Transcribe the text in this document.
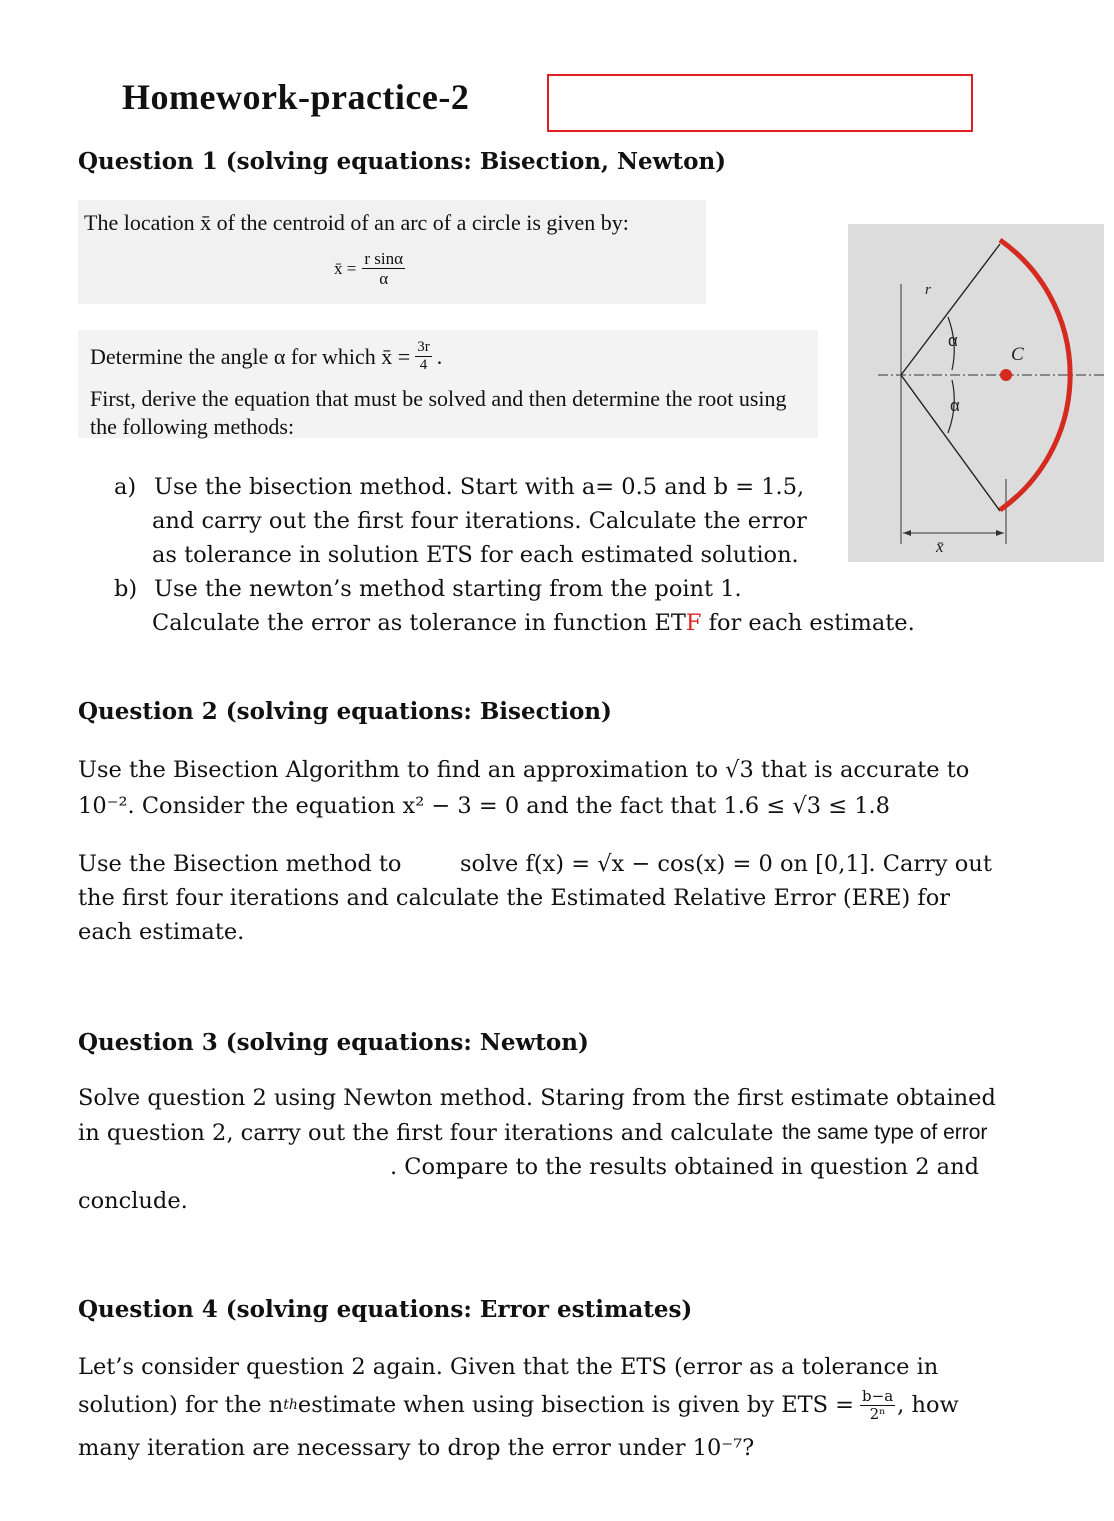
Homework-practice-2
Question 1 (solving equations: Bisection, Newton)
The location x̄ of the centroid of an arc of a circle is given by:
x̄ = $\frac{\text{r sinα}}{\alpha}$
Determine the angle α for which x̄ = $\frac{3r}{4}$ .
First, derive the equation that must be solved and then determine the root using
the following methods:
a) Use the bisection method. Start with a= 0.5 and b = 1.5,
and carry out the first four iterations. Calculate the error
as tolerance in solution ETS for each estimated solution.
b) Use the newton’s method starting from the point 1.
Calculate the error as tolerance in function ETF for each estimate.
r
α
α
C
x̄
Question 2 (solving equations: Bisection)
Use the Bisection Algorithm to find an approximation to √3 that is accurate to
10⁻². Consider the equation x² − 3 = 0 and the fact that 1.6 ≤ √3 ≤ 1.8
Use the Bisection method to	solve f(x) = √x − cos(x) = 0 on [0,1]. Carry out
the first four iterations and calculate the Estimated Relative Error (ERE) for
each estimate.
Question 3 (solving equations: Newton)
Solve question 2 using Newton method. Staring from the first estimate obtained
in question 2, carry out the first four iterations and calculate the same type of error
. Compare to the results obtained in question 2 and
conclude.
Question 4 (solving equations: Error estimates)
Let’s consider question 2 again. Given that the ETS (error as a tolerance in
solution) for the n th estimate when using bisection is given by ETS = $\frac{b-a}{\text{2ⁿ}}$ , how
many iteration are necessary to drop the error under 10⁻⁷?
